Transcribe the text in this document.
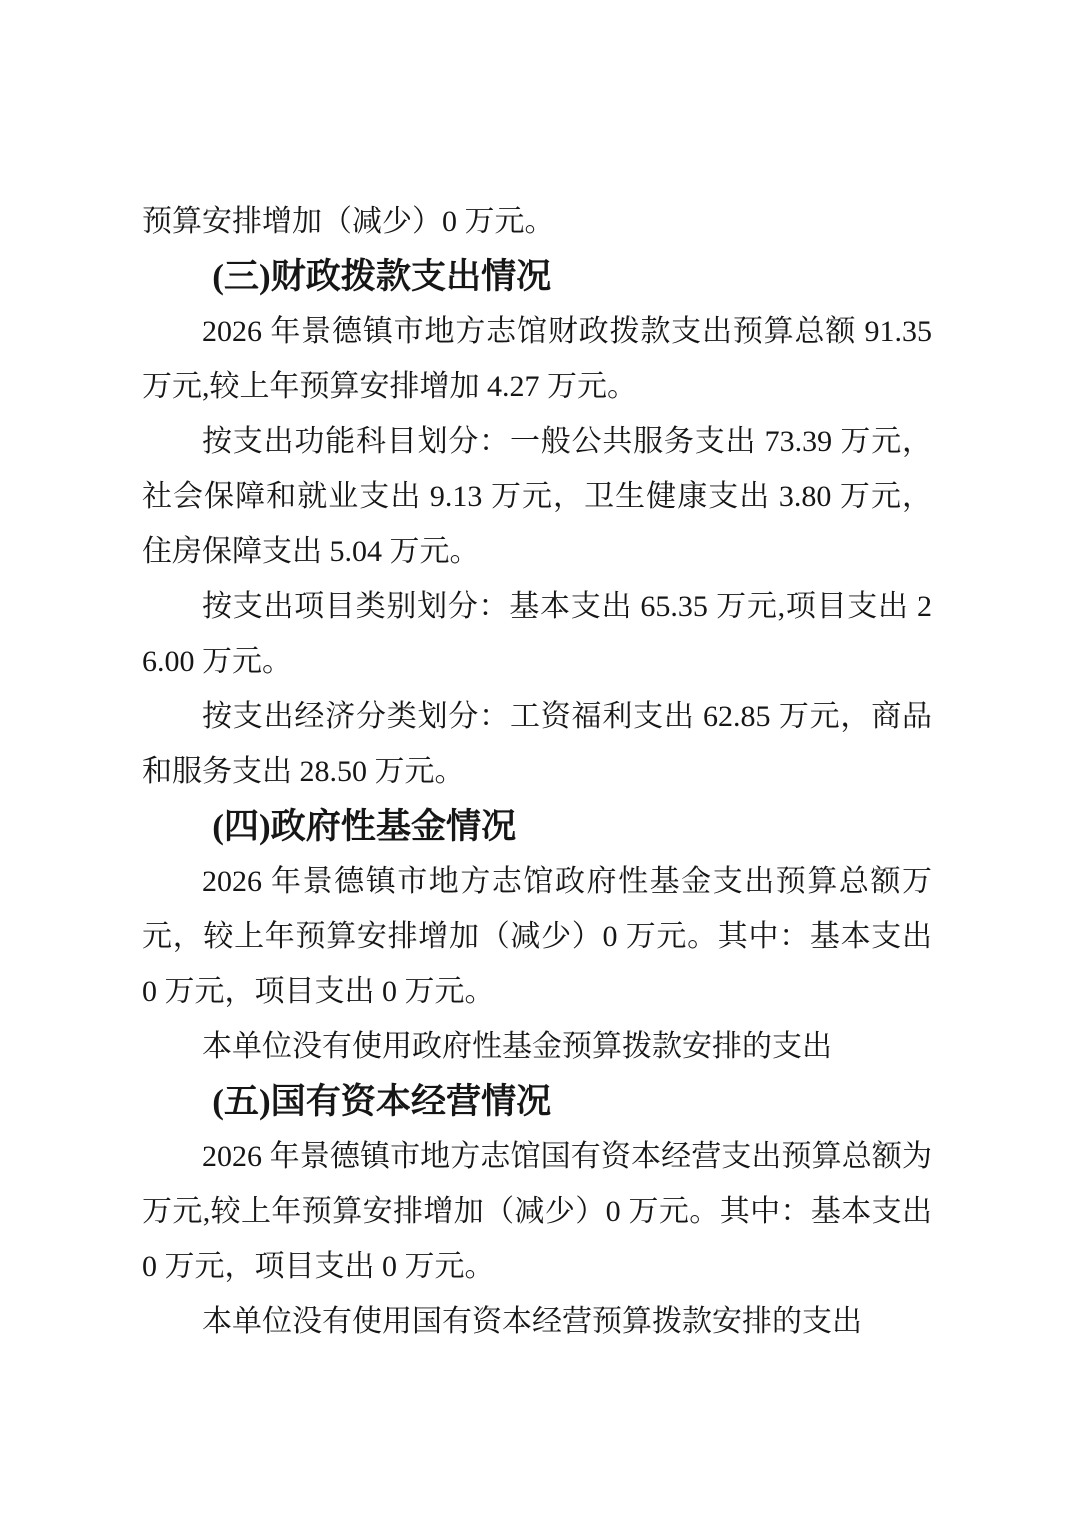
预算安排增加（减少）0 万元。

(三)财政拨款支出情况

2026 年景德镇市地方志馆财政拨款支出预算总额 91.35 万元,较上年预算安排增加 4.27 万元。

按支出功能科目划分：一般公共服务支出 73.39 万元，社会保障和就业支出 9.13 万元，卫生健康支出 3.80 万元，住房保障支出 5.04 万元。

按支出项目类别划分：基本支出 65.35 万元,项目支出 26.00 万元。

按支出经济分类划分：工资福利支出 62.85 万元，商品和服务支出 28.50 万元。

(四)政府性基金情况

2026 年景德镇市地方志馆政府性基金支出预算总额万元，较上年预算安排增加（减少）0 万元。其中：基本支出 0 万元，项目支出 0 万元。

本单位没有使用政府性基金预算拨款安排的支出

(五)国有资本经营情况

2026 年景德镇市地方志馆国有资本经营支出预算总额为万元,较上年预算安排增加（减少）0 万元。其中：基本支出 0 万元，项目支出 0 万元。

本单位没有使用国有资本经营预算拨款安排的支出
